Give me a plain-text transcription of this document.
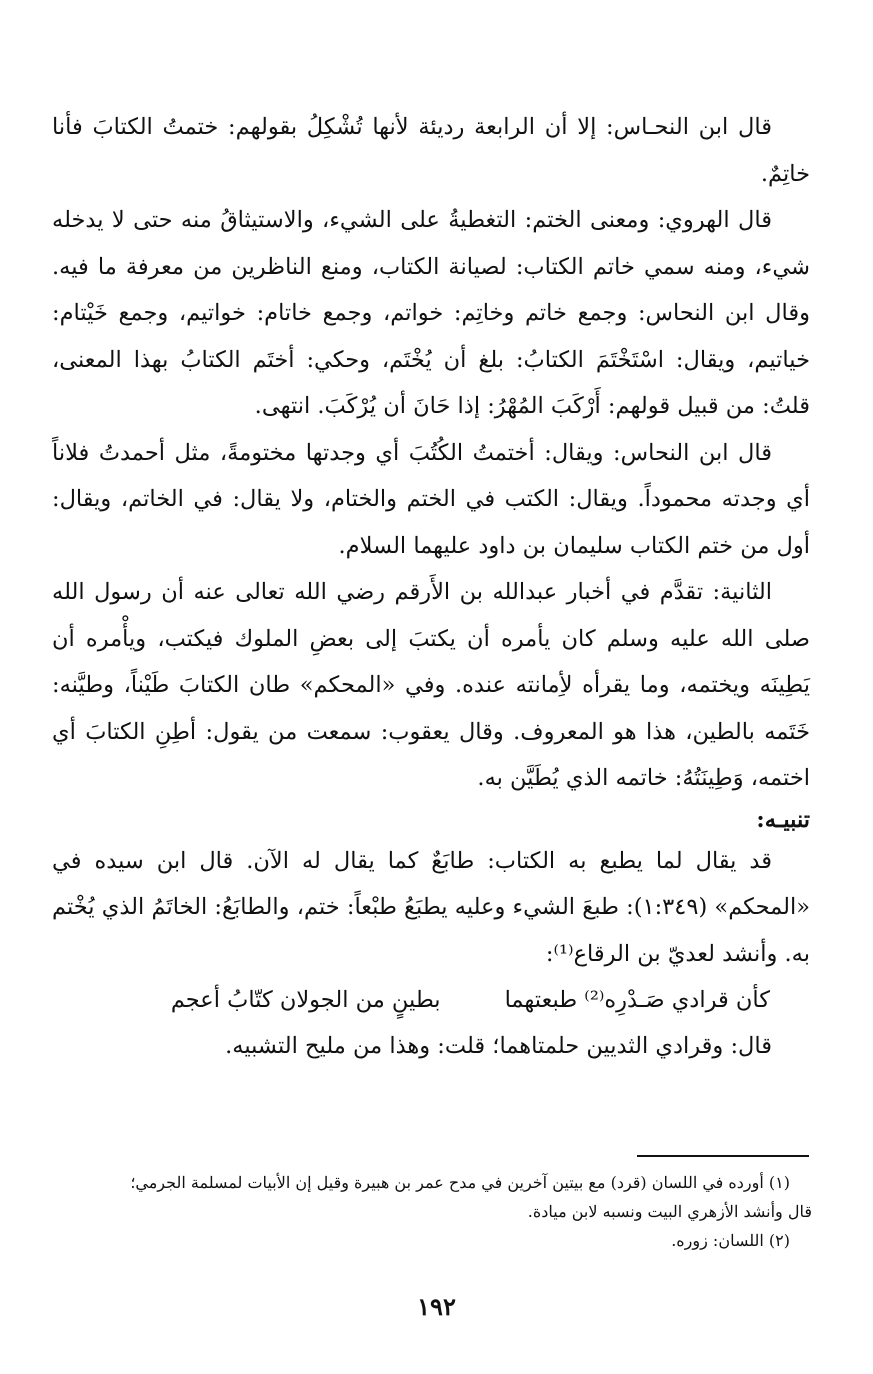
قال ابن النحـاس: إلا أن الرابعة رديئة لأنها تُشْكِلُ بقولهم: ختمتُ الكتابَ فأنا خاتِمٌ.

قال الهروي: ومعنى الختم: التغطيةُ على الشيء، والاستيثاقُ منه حتى لا يدخله شيء، ومنه سمي خاتم الكتاب: لصيانة الكتاب، ومنع الناظرين من معرفة ما فيه. وقال ابن النحاس: وجمع خاتم وخاتِم: خواتم، وجمع خاتام: خواتيم، وجمع خَيْتام: خياتيم، ويقال: اسْتَخْتَمَ الكتابُ: بلغ أن يُخْتَم، وحكي: أختَم الكتابُ بهذا المعنى، قلتُ: من قبيل قولهم: أَرْكَبَ المُهْرُ: إذا حَانَ أن يُرْكَبَ. انتهى.

قال ابن النحاس: ويقال: أختمتُ الكُتُبَ أي وجدتها مختومةً، مثل أحمدتُ فلاناً أي وجدته محموداً. ويقال: الكتب في الختم والختام، ولا يقال: في الخاتم، ويقال: أول من ختم الكتاب سليمان بن داود عليهما السلام.

الثانية: تقدَّم في أخبار عبدالله بن الأَرقم رضي الله تعالى عنه أن رسول الله صلى الله عليه وسلم كان يأمره أن يكتبَ إلى بعضِ الملوك فيكتب، ويأْمره أن يَطِينَه ويختمه، وما يقرأه لأِمانته عنده. وفي «المحكم» طان الكتابَ طَيْناً، وطيَّنه: خَتَمه بالطين، هذا هو المعروف. وقال يعقوب: سمعت من يقول: أطِنِ الكتابَ أي اختمه، وَطِينَتُهُ: خاتمه الذي يُطَيَّن به.

تنبيـه:

قد يقال لما يطبع به الكتاب: طابَعٌ كما يقال له الآن. قال ابن سيده في «المحكم» (١:٣٤٩): طبعَ الشيء وعليه يطبَعُ طبْعاً: ختم، والطابَعُ: الخاتَمُ الذي يُخْتم به. وأنشد لعديّ بن الرقاع⁽¹⁾:

كأن قرادي صَـدْرِه⁽²⁾ طبعتهما
بطينٍ من الجولان كتّابُ أعجم
قال: وقرادي الثديين حلمتاهما؛ قلت: وهذا من مليح التشبيه.

(١) أورده في اللسان (قرد) مع بيتين آخرين في مدح عمر بن هبيرة وقيل إن الأبيات لمسلمة الجرمي؛

قال وأنشد الأزهري البيت ونسبه لابن ميادة.

(٢) اللسان: زوره.

١٩٢
